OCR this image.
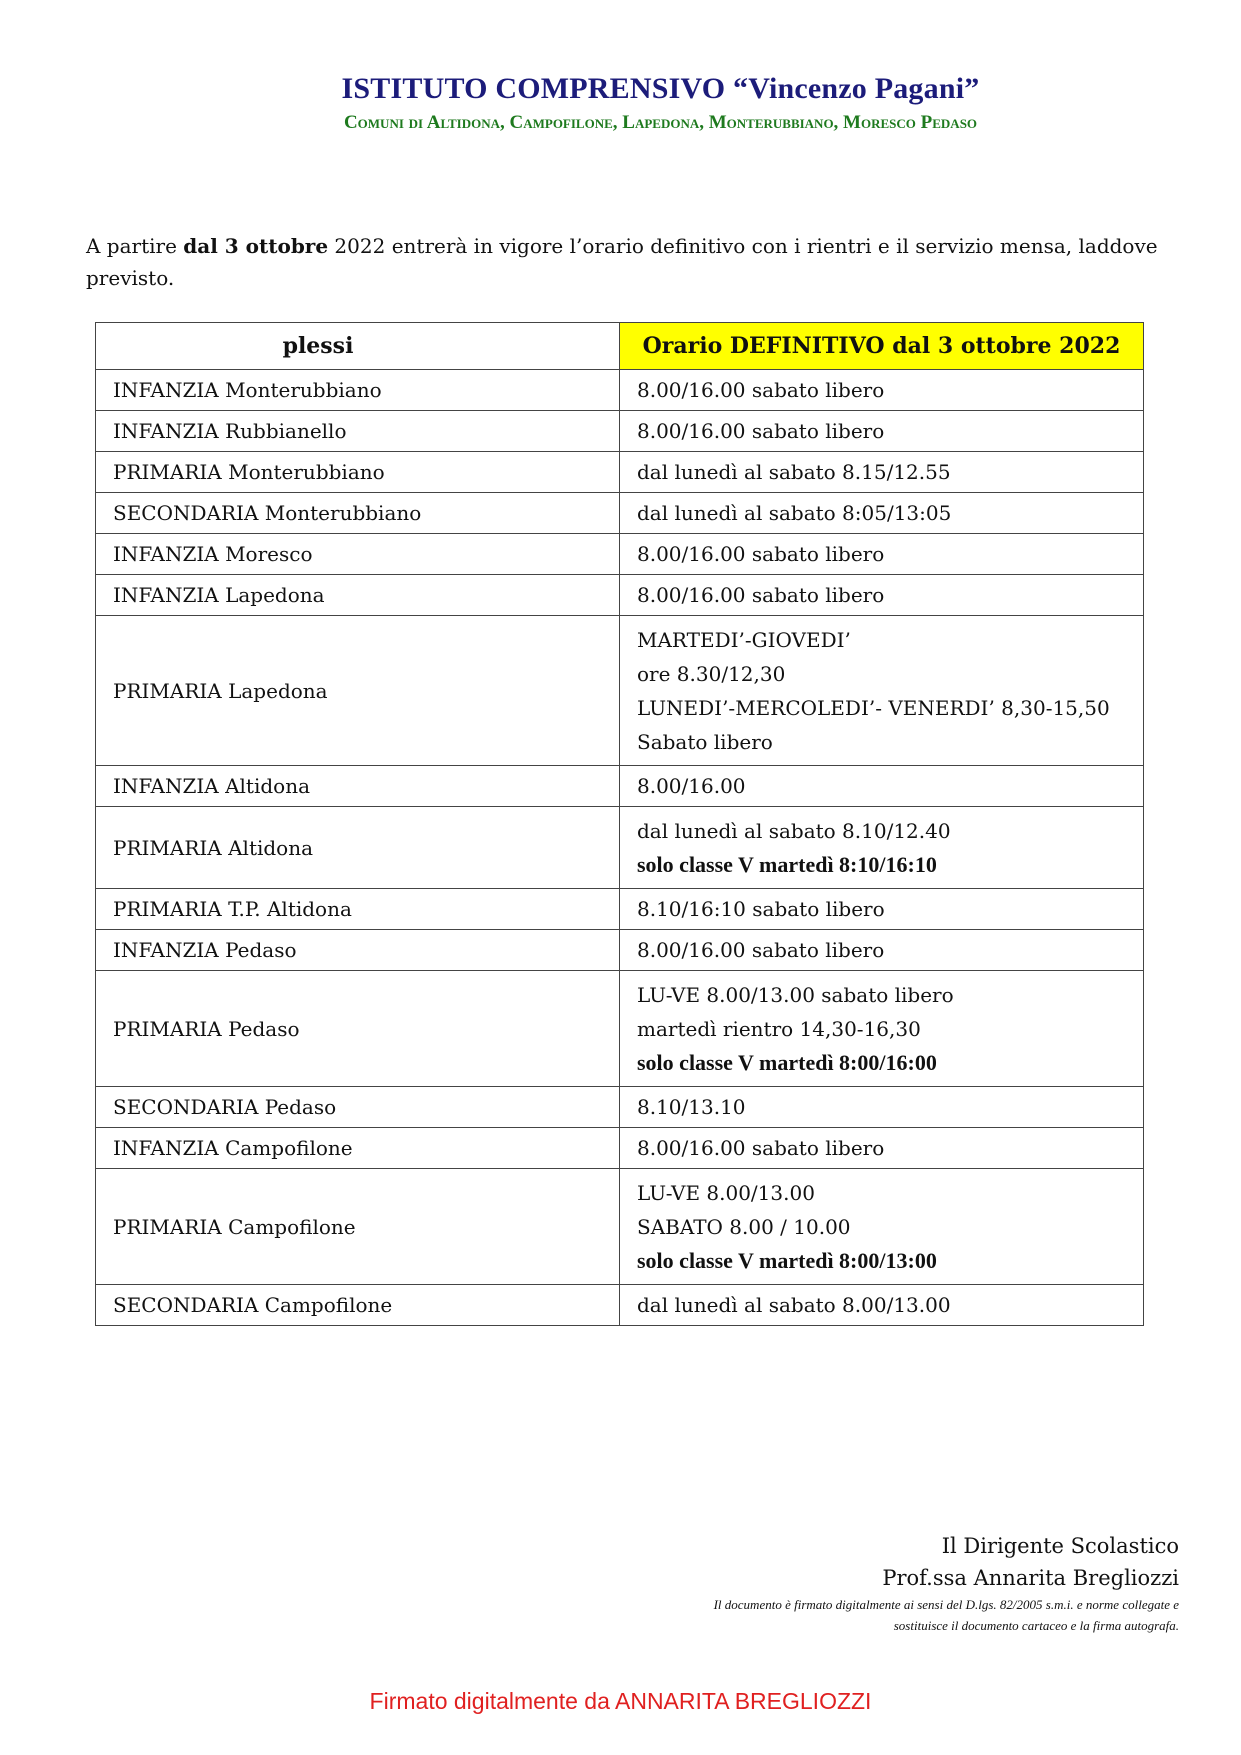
ISTITUTO COMPRENSIVO “Vincenzo Pagani”
Comuni di Altidona, Campofilone, Lapedona, Monterubbiano, Moresco Pedaso
A partire dal 3 ottobre 2022 entrerà in vigore l’orario definitivo con i rientri e il servizio mensa, laddove previsto.
plessi	Orario DEFINITIVO dal 3 ottobre 2022
INFANZIA Monterubbiano	8.00/16.00 sabato libero

INFANZIA Rubbianello	8.00/16.00 sabato libero

PRIMARIA Monterubbiano	dal lunedì al sabato 8.15/12.55

SECONDARIA Monterubbiano	dal lunedì al sabato 8:05/13:05

INFANZIA Moresco	8.00/16.00 sabato libero

INFANZIA Lapedona	8.00/16.00 sabato libero

PRIMARIA Lapedona	MARTEDI’-GIOVEDI’
ore 8.30/12,30
LUNEDI’-MERCOLEDI’- VENERDI’ 8,30-15,50
Sabato libero

INFANZIA Altidona	8.00/16.00

PRIMARIA Altidona	dal lunedì al sabato 8.10/12.40
solo classe V martedì 8:10/16:10

PRIMARIA T.P. Altidona	8.10/16:10 sabato libero

INFANZIA Pedaso	8.00/16.00 sabato libero

PRIMARIA Pedaso	LU-VE 8.00/13.00 sabato libero
martedì rientro 14,30-16,30
solo classe V martedì 8:00/16:00

SECONDARIA Pedaso	8.10/13.10

INFANZIA Campofilone	8.00/16.00 sabato libero

PRIMARIA Campofilone	LU-VE 8.00/13.00
SABATO 8.00 / 10.00
solo classe V martedì 8:00/13:00

SECONDARIA Campofilone	dal lunedì al sabato 8.00/13.00
Il Dirigente Scolastico
Prof.ssa Annarita Bregliozzi
Il documento è firmato digitalmente ai sensi del D.lgs. 82/2005 s.m.i. e norme collegate e
sostituisce il documento cartaceo e la firma autografa.
Firmato digitalmente da ANNARITA BREGLIOZZI
